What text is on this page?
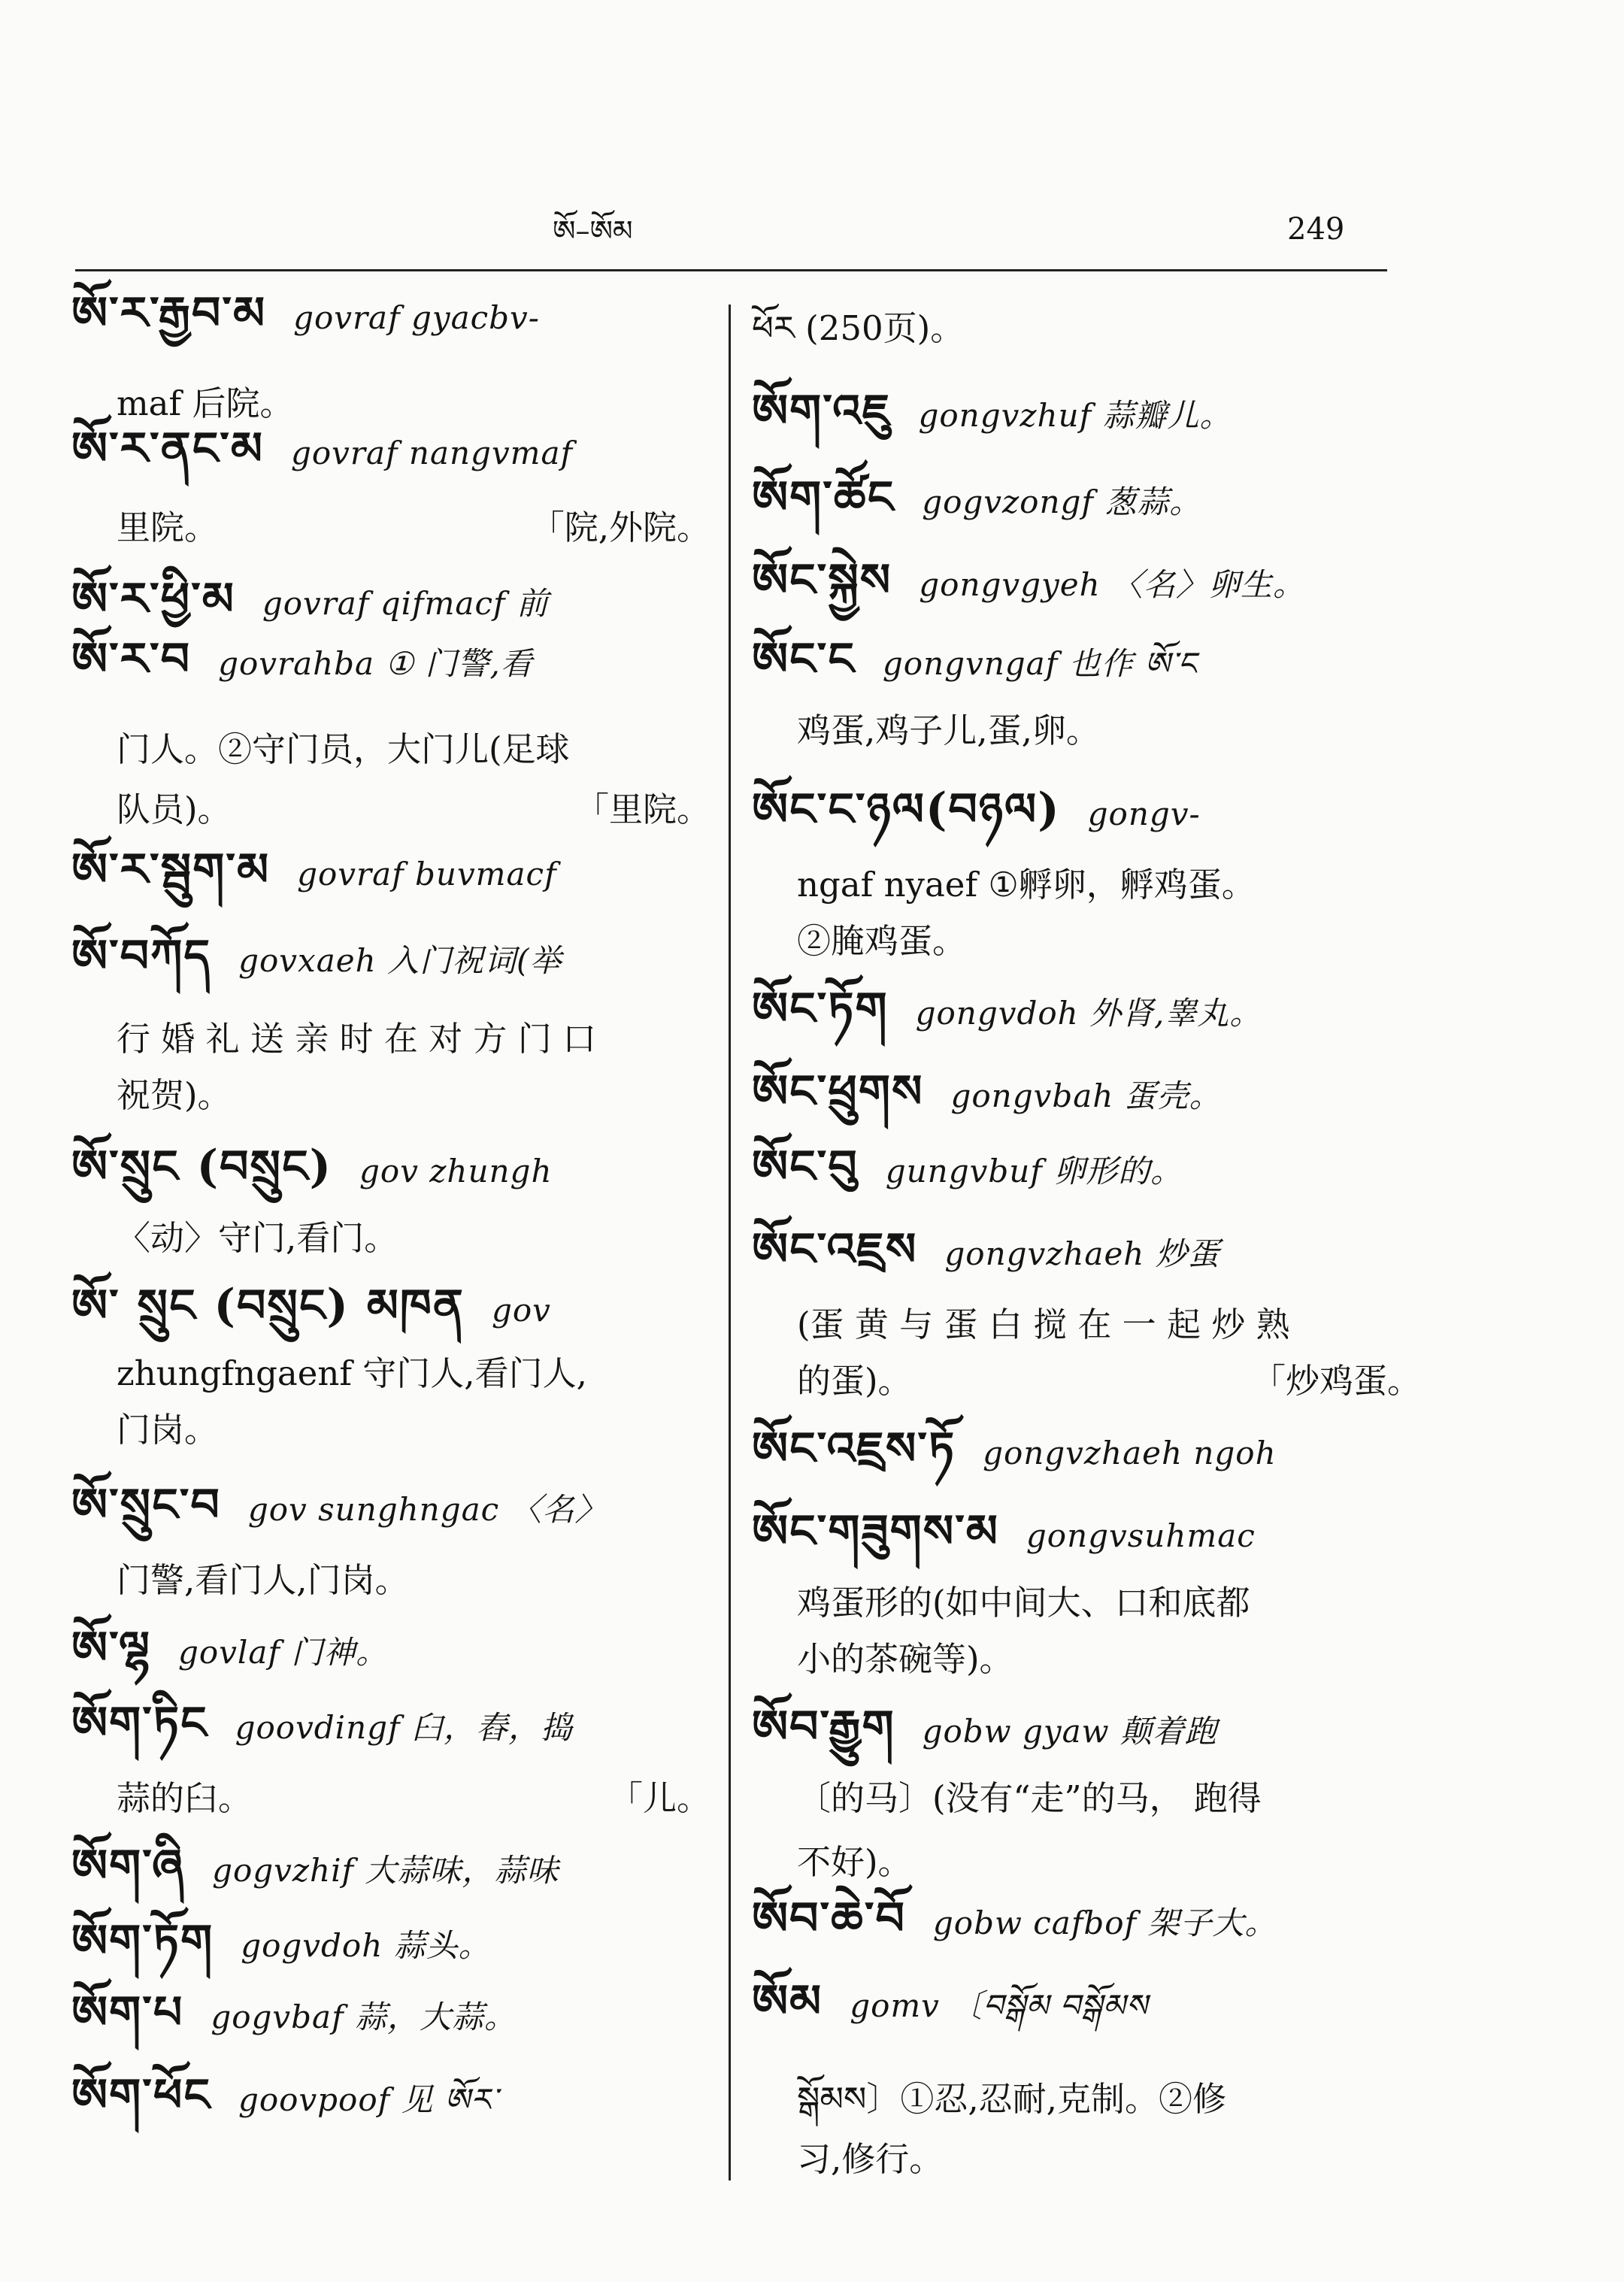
ཨོ–ཨོམ	249
ཨོ་ར་རྒྱབ་མ govraf gyacbv-
maf 后院。
ཨོ་ར་ནང་མ govraf nangvmaf
里院。	「院,外院。
ཨོ་ར་ཕྱི་མ govraf qifmacf 前
ཨོ་ར་བ govrahba ① 门警,看
门人。②守门员，大门儿(足球
队员)。	「里院。
ཨོ་ར་སྦུག་མ govraf buvmacf
ཨོ་བཀོད govxaeh 入门祝词(举
行 婚 礼 送 亲 时 在 对 方 门 口
祝贺)。
ཨོ་སྲུང (བསྲུང) gov zhungh
〈动〉守门,看门。
ཨོ་ སྲུང (བསྲུང) མཁན gov
zhungfngaenf 守门人,看门人,
门岗。
ཨོ་སྲུང་བ gov sunghngac 〈名〉
门警,看门人,门岗。
ཨོ་ལྷ govlaf 门神。
ཨོག་ཏིང goovdingf 臼，舂，捣
蒜的臼。	「儿。
ཨོག་ཞི gogvzhif 大蒜味，蒜味
ཨོག་ཏོག gogvdoh 蒜头。
ཨོག་པ gogvbaf 蒜，大蒜。
ཨོག་ཕོང goovpoof 见 ཨོར་
ཕོར (250页)。
ཨོག་འཇུ gongvzhuf 蒜瓣儿。
ཨོག་ཚོང gogvzongf 葱蒜。
ཨོང་སྐྱེས gongvgyeh 〈名〉卵生。
ཨོང་ང gongvngaf 也作 ཨོ་ང
鸡蛋,鸡子儿,蛋,卵。
ཨོང་ང་ཉལ(བཉལ) gongv-
ngaf nyaef ①孵卵，孵鸡蛋。
②腌鸡蛋。
ཨོང་ཏོག gongvdoh 外肾,睾丸。
ཨོང་ཕྲུགས gongvbah 蛋壳。
ཨོང་བུ gungvbuf 卵形的。
ཨོང་འཇྲས gongvzhaeh 炒蛋
(蛋 黄 与 蛋 白 搅 在 一 起 炒 熟
的蛋)。	「炒鸡蛋。
ཨོང་འཇྲས་ཏོ gongvzhaeh ngoh
ཨོང་གཟུགས་མ gongvsuhmac
鸡蛋形的(如中间大、口和底都
小的茶碗等)。
ཨོབ་རྒྱུག gobw gyaw 颠着跑
〔的马〕(没有“走”的马， 跑得
不好)。
ཨོབ་ཆེ་བོ gobw cafbof 架子大。
ཨོམ gomv 〔བསྒོམ བསྒོམས
སྒོམས〕①忍,忍耐,克制。②修
习,修行。
